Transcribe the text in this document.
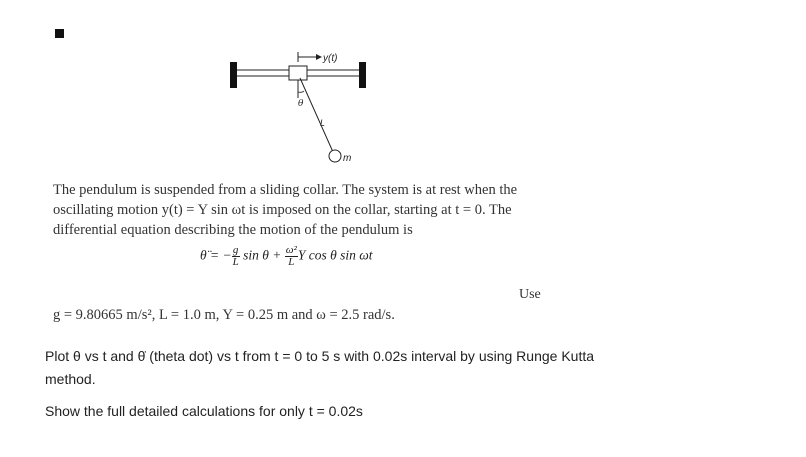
y(t)
θ
L
m
The pendulum is suspended from a sliding collar. The system is at rest when the
oscillating motion y(t) = Y sin ωt is imposed on the collar, starting at t = 0. The
differential equation describing the motion of the pendulum is
θ̈ = − $\frac{g}{L}$ $\sin \theta + \frac{\text{ω²}}{L}$ Y cos θ sin ωt
Use
g = 9.80665 m/s², L = 1.0 m, Y = 0.25 m and ω = 2.5 rad/s.
Plot θ vs t and θ̇ (theta dot) vs t from t = 0 to 5 s with 0.02s interval by using Runge Kutta
method.
Show the full detailed calculations for only t = 0.02s
